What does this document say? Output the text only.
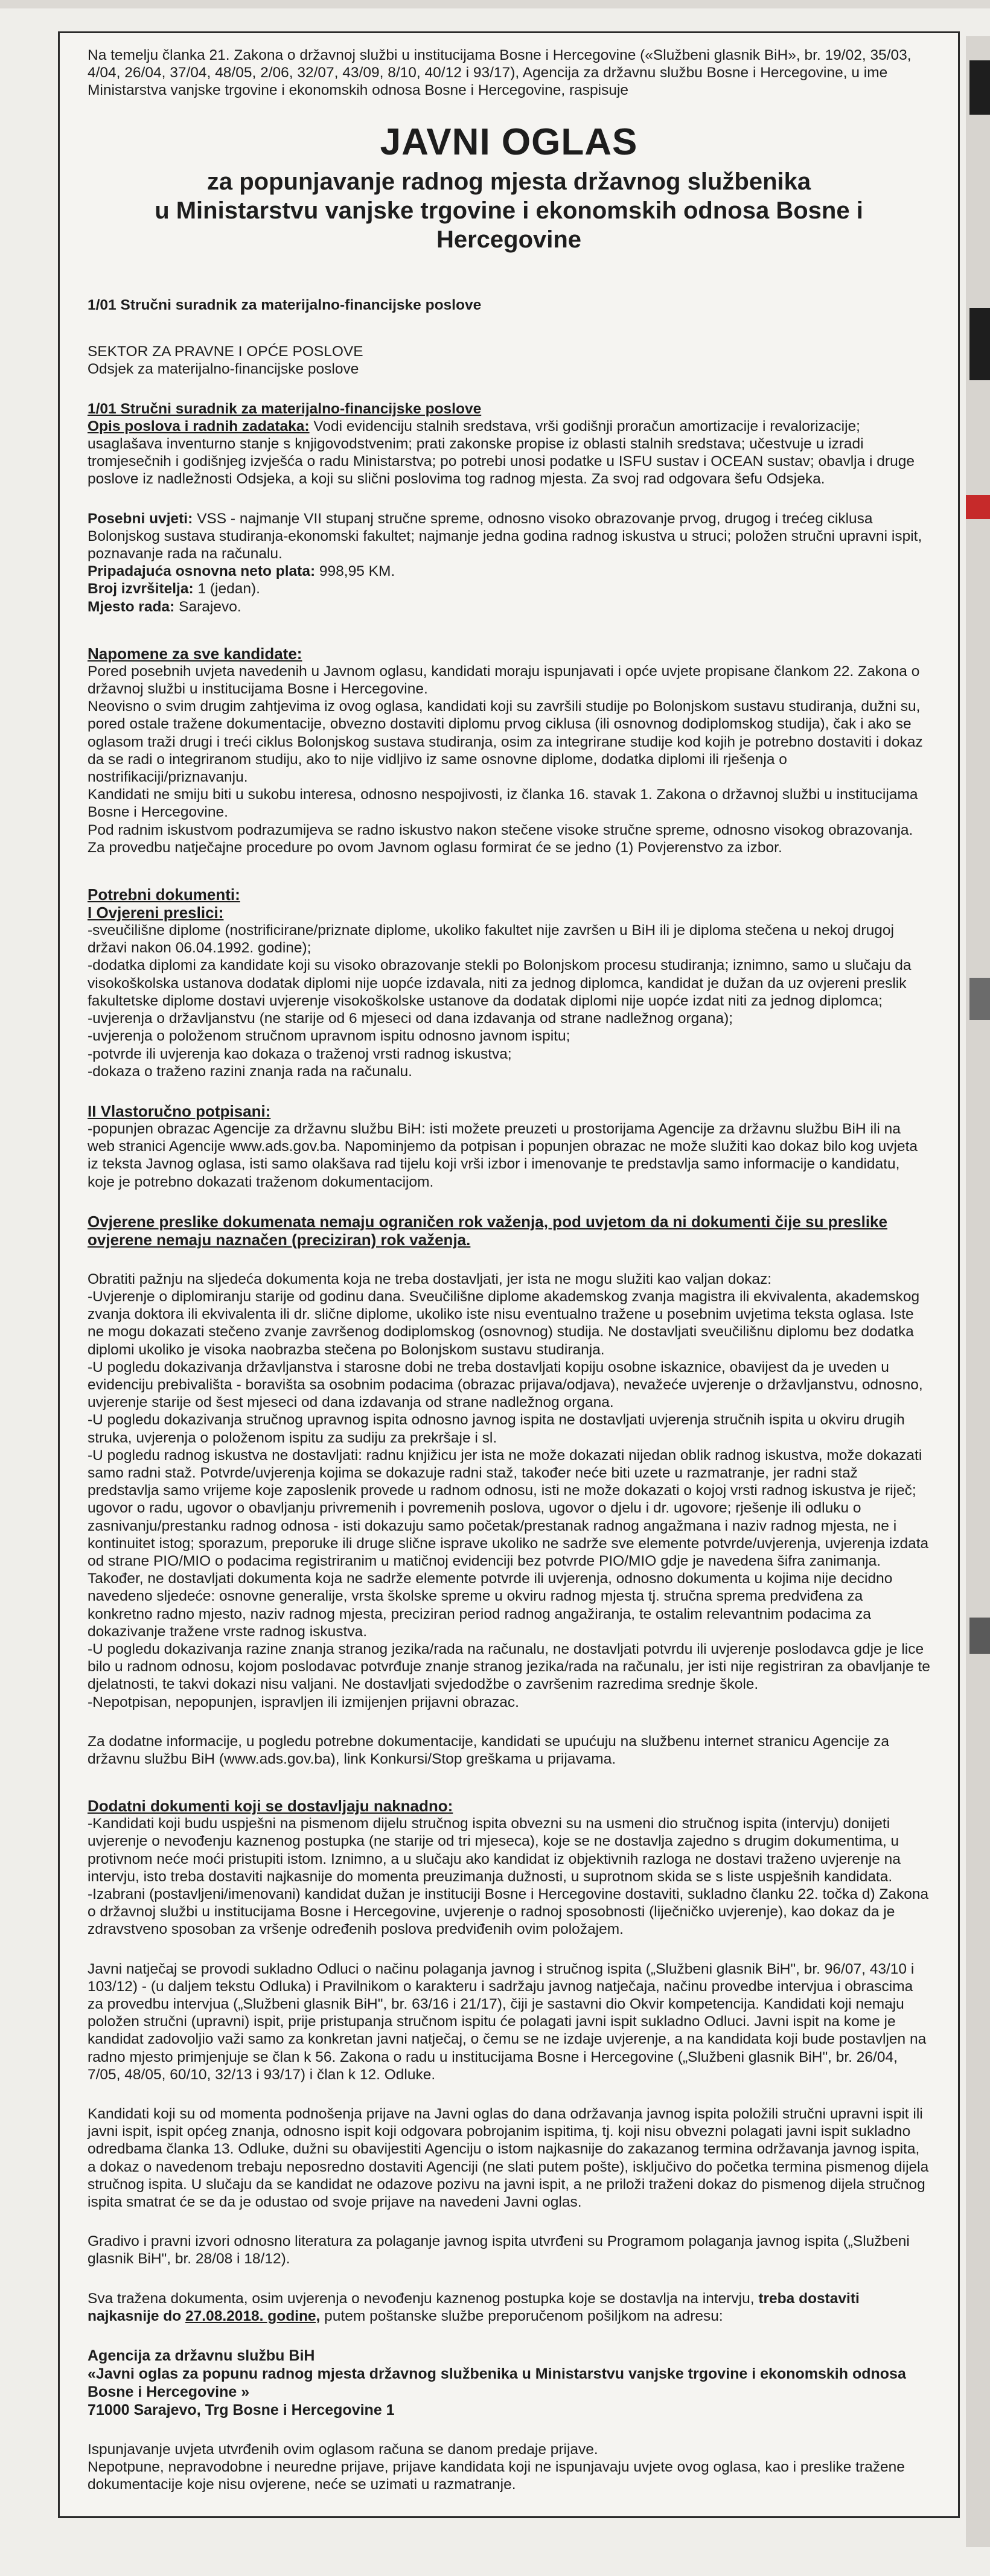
Na temelju članka 21. Zakona o državnoj službi u institucijama Bosne i Hercegovine («Službeni glasnik BiH», br. 19/02, 35/03, 4/04, 26/04, 37/04, 48/05, 2/06, 32/07, 43/09, 8/10, 40/12 i 93/17), Agencija za državnu službu Bosne i Hercegovine, u ime Ministarstva vanjske trgovine i ekonomskih odnosa Bosne i Hercegovine, raspisuje

JAVNI OGLAS
za popunjavanje radnog mjesta državnog službenika
u Ministarstvu vanjske trgovine i ekonomskih odnosa Bosne i Hercegovine

1/01 Stručni suradnik za materijalno-financijske poslove

SEKTOR ZA PRAVNE I OPĆE POSLOVE

Odsjek za materijalno-financijske poslove

1/01 Stručni suradnik za materijalno-financijske poslove

Opis poslova i radnih zadataka: Vodi evidenciju stalnih sredstava, vrši godišnji proračun amortizacije i revalorizacije; usaglašava inventurno stanje s knjigovodstvenim; prati zakonske propise iz oblasti stalnih sredstava; učestvuje u izradi tromjesečnih i godišnjeg izvješća o radu Ministarstva; po potrebi unosi podatke u ISFU sustav i OCEAN sustav; obavlja i druge poslove iz nadležnosti Odsjeka, a koji su slični poslovima tog radnog mjesta. Za svoj rad odgovara šefu Odsjeka.

Posebni uvjeti: VSS - najmanje VII stupanj stručne spreme, odnosno visoko obrazovanje prvog, drugog i trećeg ciklusa Bolonjskog sustava studiranja-ekonomski fakultet; najmanje jedna godina radnog iskustva u struci; položen stručni upravni ispit, poznavanje rada na računalu.

Pripadajuća osnovna neto plata: 998,95 KM.

Broj izvršitelja: 1 (jedan).

Mjesto rada: Sarajevo.

Napomene za sve kandidate:

Pored posebnih uvjeta navedenih u Javnom oglasu, kandidati moraju ispunjavati i opće uvjete propisane člankom 22. Zakona o državnoj službi u institucijama Bosne i Hercegovine.
Neovisno o svim drugim zahtjevima iz ovog oglasa, kandidati koji su završili studije po Bolonjskom sustavu studiranja, dužni su, pored ostale tražene dokumentacije, obvezno dostaviti diplomu prvog ciklusa (ili osnovnog dodiplomskog studija), čak i ako se oglasom traži drugi i treći ciklus Bolonjskog sustava studiranja, osim za integrirane studije kod kojih je potrebno dostaviti i dokaz da se radi o integriranom studiju, ako to nije vidljivo iz same osnovne diplome, dodatka diplomi ili rješenja o nostrifikaciji/priznavanju.
Kandidati ne smiju biti u sukobu interesa, odnosno nespojivosti, iz članka 16. stavak 1. Zakona o državnoj službi u institucijama Bosne i Hercegovine.
Pod radnim iskustvom podrazumijeva se radno iskustvo nakon stečene visoke stručne spreme, odnosno visokog obrazovanja.
Za provedbu natječajne procedure po ovom Javnom oglasu formirat će se jedno (1) Povjerenstvo za izbor.

Potrebni dokumenti:

I Ovjereni preslici:

-sveučilišne diplome (nostrificirane/priznate diplome, ukoliko fakultet nije završen u BiH ili je diploma stečena u nekoj drugoj državi nakon 06.04.1992. godine);
-dodatka diplomi za kandidate koji su visoko obrazovanje stekli po Bolonjskom procesu studiranja; iznimno, samo u slučaju da visokoškolska ustanova dodatak diplomi nije uopće izdavala, niti za jednog diplomca, kandidat je dužan da uz ovjereni preslik fakultetske diplome dostavi uvjerenje visokoškolske ustanove da dodatak diplomi nije uopće izdat niti za jednog diplomca;
-uvjerenja o državljanstvu (ne starije od 6 mjeseci od dana izdavanja od strane nadležnog organa);
-uvjerenja o položenom stručnom upravnom ispitu odnosno javnom ispitu;
-potvrde ili uvjerenja kao dokaza o traženoj vrsti radnog iskustva;
-dokaza o traženo razini znanja rada na računalu.

II Vlastoručno potpisani:

-popunjen obrazac Agencije za državnu službu BiH: isti možete preuzeti u prostorijama Agencije za državnu službu BiH ili na web stranici Agencije www.ads.gov.ba. Napominjemo da potpisan i popunjen obrazac ne može služiti kao dokaz bilo kog uvjeta iz teksta Javnog oglasa, isti samo olakšava rad tijelu koji vrši izbor i imenovanje te predstavlja samo informacije o kandidatu, koje je potrebno dokazati traženom dokumentacijom.

Ovjerene preslike dokumenata nemaju ograničen rok važenja, pod uvjetom da ni dokumenti čije su preslike ovjerene nemaju naznačen (preciziran) rok važenja.

Obratiti pažnju na sljedeća dokumenta koja ne treba dostavljati, jer ista ne mogu služiti kao valjan dokaz:
-Uvjerenje o diplomiranju starije od godinu dana. Sveučilišne diplome akademskog zvanja magistra ili ekvivalenta, akademskog zvanja doktora ili ekvivalenta ili dr. slične diplome, ukoliko iste nisu eventualno tražene u posebnim uvjetima teksta oglasa. Iste ne mogu dokazati stečeno zvanje završenog dodiplomskog (osnovnog) studija. Ne dostavljati sveučilišnu diplomu bez dodatka diplomi ukoliko je visoka naobrazba stečena po Bolonjskom sustavu studiranja.
-U pogledu dokazivanja državljanstva i starosne dobi ne treba dostavljati kopiju osobne iskaznice, obavijest da je uveden u evidenciju prebivališta - boravišta sa osobnim podacima (obrazac prijava/odjava), nevažeće uvjerenje o državljanstvu, odnosno, uvjerenje starije od šest mjeseci od dana izdavanja od strane nadležnog organa.
-U pogledu dokazivanja stručnog upravnog ispita odnosno javnog ispita ne dostavljati uvjerenja stručnih ispita u okviru drugih struka, uvjerenja o položenom ispitu za sudiju za prekršaje i sl.
-U pogledu radnog iskustva ne dostavljati: radnu knjižicu jer ista ne može dokazati nijedan oblik radnog iskustva, može dokazati samo radni staž. Potvrde/uvjerenja kojima se dokazuje radni staž, također neće biti uzete u razmatranje, jer radni staž predstavlja samo vrijeme koje zaposlenik provede u radnom odnosu, isti ne može dokazati o kojoj vrsti radnog iskustva je riječ; ugovor o radu, ugovor o obavljanju privremenih i povremenih poslova, ugovor o djelu i dr. ugovore; rješenje ili odluku o zasnivanju/prestanku radnog odnosa - isti dokazuju samo početak/prestanak radnog angažmana i naziv radnog mjesta, ne i kontinuitet istog; sporazum, preporuke ili druge slične isprave ukoliko ne sadrže sve elemente potvrde/uvjerenja, uvjerenja izdata od strane PIO/MIO o podacima registriranim u matičnoj evidenciji bez potvrde PIO/MIO gdje je navedena šifra zanimanja. Također, ne dostavljati dokumenta koja ne sadrže elemente potvrde ili uvjerenja, odnosno dokumenta u kojima nije decidno navedeno sljedeće: osnovne generalije, vrsta školske spreme u okviru radnog mjesta tj. stručna sprema predviđena za konkretno radno mjesto, naziv radnog mjesta, preciziran period radnog angažiranja, te ostalim relevantnim podacima za dokazivanje tražene vrste radnog iskustva.
-U pogledu dokazivanja razine znanja stranog jezika/rada na računalu, ne dostavljati potvrdu ili uvjerenje poslodavca gdje je lice bilo u radnom odnosu, kojom poslodavac potvrđuje znanje stranog jezika/rada na računalu, jer isti nije registriran za obavljanje te djelatnosti, te takvi dokazi nisu valjani. Ne dostavljati svjedodžbe o završenim razredima srednje škole.
-Nepotpisan, nepopunjen, ispravljen ili izmijenjen prijavni obrazac.

Za dodatne informacije, u pogledu potrebne dokumentacije, kandidati se upućuju na službenu internet stranicu Agencije za državnu službu BiH (www.ads.gov.ba), link Konkursi/Stop greškama u prijavama.

Dodatni dokumenti koji se dostavljaju naknadno:

-Kandidati koji budu uspješni na pismenom dijelu stručnog ispita obvezni su na usmeni dio stručnog ispita (intervju) donijeti uvjerenje o nevođenju kaznenog postupka (ne starije od tri mjeseca), koje se ne dostavlja zajedno s drugim dokumentima, u protivnom neće moći pristupiti istom. Iznimno, a u slučaju ako kandidat iz objektivnih razloga ne dostavi traženo uvjerenje na intervju, isto treba dostaviti najkasnije do momenta preuzimanja dužnosti, u suprotnom skida se s liste uspješnih kandidata.
-Izabrani (postavljeni/imenovani) kandidat dužan je instituciji Bosne i Hercegovine dostaviti, sukladno članku 22. točka d) Zakona o državnoj službi u institucijama Bosne i Hercegovine, uvjerenje o radnoj sposobnosti (liječničko uvjerenje), kao dokaz da je zdravstveno sposoban za vršenje određenih poslova predviđenih ovim položajem.

Javni natječaj se provodi sukladno Odluci o načinu polaganja javnog i stručnog ispita („Službeni glasnik BiH", br. 96/07, 43/10 i 103/12) - (u daljem tekstu Odluka) i Pravilnikom o karakteru i sadržaju javnog natječaja, načinu provedbe intervjua i obrascima za provedbu intervjua („Službeni glasnik BiH", br. 63/16 i 21/17), čiji je sastavni dio Okvir kompetencija. Kandidati koji nemaju položen stručni (upravni) ispit, prije pristupanja stručnom ispitu će polagati javni ispit sukladno Odluci. Javni ispit na kome je kandidat zadovoljio važi samo za konkretan javni natječaj, o čemu se ne izdaje uvjerenje, a na kandidata koji bude postavljen na radno mjesto primjenjuje se član k 56. Zakona o radu u institucijama Bosne i Hercegovine („Službeni glasnik BiH", br. 26/04, 7/05, 48/05, 60/10, 32/13 i 93/17) i član k 12. Odluke.

Kandidati koji su od momenta podnošenja prijave na Javni oglas do dana održavanja javnog ispita položili stručni upravni ispit ili javni ispit, ispit općeg znanja, odnosno ispit koji odgovara pobrojanim ispitima, tj. koji nisu obvezni polagati javni ispit sukladno odredbama članka 13. Odluke, dužni su obavijestiti Agenciju o istom najkasnije do zakazanog termina održavanja javnog ispita, a dokaz o navedenom trebaju neposredno dostaviti Agenciji (ne slati putem pošte), isključivo do početka termina pismenog dijela stručnog ispita. U slučaju da se kandidat ne odazove pozivu na javni ispit, a ne priloži traženi dokaz do pismenog dijela stručnog ispita smatrat će se da je odustao od svoje prijave na navedeni Javni oglas.

Gradivo i pravni izvori odnosno literatura za polaganje javnog ispita utvrđeni su Programom polaganja javnog ispita („Službeni glasnik BiH", br. 28/08 i 18/12).

Sva tražena dokumenta, osim uvjerenja o nevođenju kaznenog postupka koje se dostavlja na intervju, treba dostaviti najkasnije do 27.08.2018. godine, putem poštanske službe preporučenom pošiljkom na adresu:

Agencija za državnu službu BiH

«Javni oglas za popunu radnog mjesta državnog službenika u Ministarstvu vanjske trgovine i ekonomskih odnosa Bosne i Hercegovine »

71000 Sarajevo, Trg Bosne i Hercegovine 1

Ispunjavanje uvjeta utvrđenih ovim oglasom računa se danom predaje prijave.
Nepotpune, nepravodobne i neuredne prijave, prijave kandidata koji ne ispunjavaju uvjete ovog oglasa, kao i preslike tražene dokumentacije koje nisu ovjerene, neće se uzimati u razmatranje.
